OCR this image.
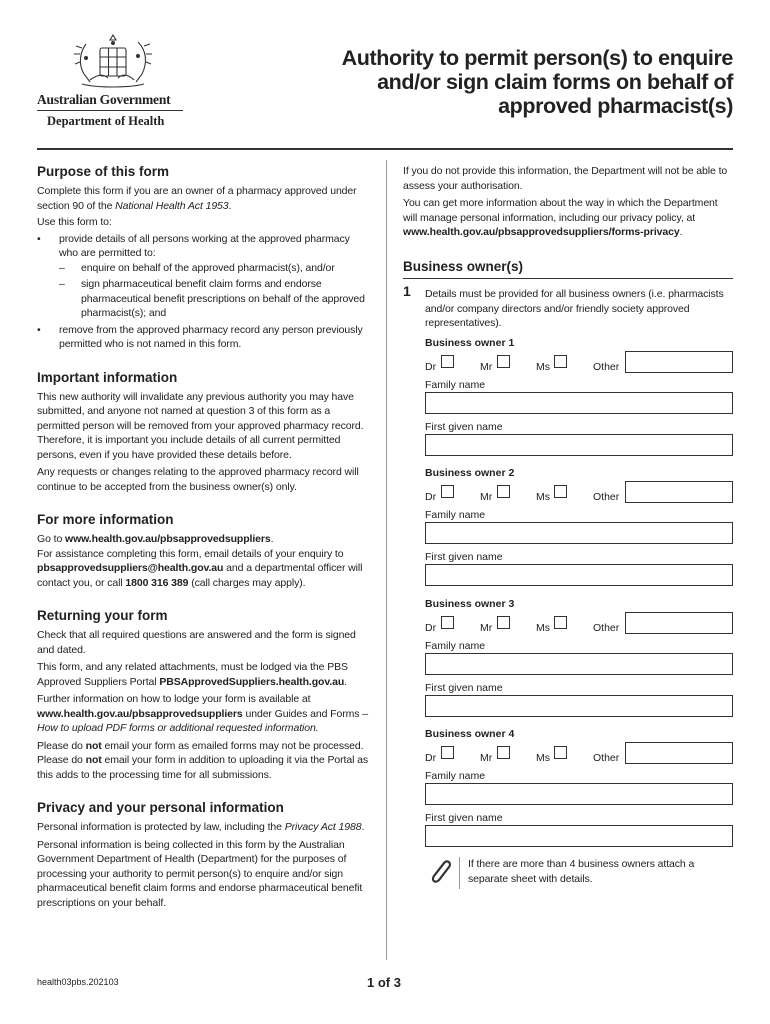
Australian Government
Department of Health
Authority to permit person(s) to enquire
and/or sign claim forms on behalf of
approved pharmacist(s)
Purpose of this form

Complete this form if you are an owner of a pharmacy approved under section 90 of the National Health Act 1953.

Use this form to:

• provide details of all persons working at the approved pharmacy who are permitted to:

– enquire on behalf of the approved pharmacist(s), and/or

– sign pharmaceutical benefit claim forms and endorse pharmaceutical benefit prescriptions on behalf of the approved pharmacist(s); and

• remove from the approved pharmacy record any person previously permitted who is not named in this form.

Important information

This new authority will invalidate any previous authority you may have submitted, and anyone not named at question 3 of this form as a permitted person will be removed from your approved pharmacy record. Therefore, it is important you include details of all current permitted persons, even if you have provided these details before.

Any requests or changes relating to the approved pharmacy record will continue to be accepted from the business owner(s) only.

For more information

Go to www.health.gov.au/pbsapprovedsuppliers.
For assistance completing this form, email details of your enquiry to pbsapprovedsuppliers@health.gov.au and a departmental officer will contact you, or call 1800 316 389 (call charges may apply).

Returning your form

Check that all required questions are answered and the form is signed and dated.

This form, and any related attachments, must be lodged via the PBS Approved Suppliers Portal PBSApprovedSuppliers.health.gov.au.

Further information on how to lodge your form is available at www.health.gov.au/pbsapprovedsuppliers under Guides and Forms – How to upload PDF forms or additional requested information.

Please do not email your form as emailed forms may not be processed. Please do not email your form in addition to uploading it via the Portal as this adds to the processing time for all submissions.

Privacy and your personal information

Personal information is protected by law, including the Privacy Act 1988.

Personal information is being collected in this form by the Australian Government Department of Health (Department) for the purposes of processing your authority to permit person(s) to enquire and/or sign pharmaceutical benefit claim forms and endorse pharmaceutical benefit prescriptions on your behalf.

If you do not provide this information, the Department will not be able to assess your authorisation.

You can get more information about the way in which the Department will manage personal information, including our privacy policy, at www.health.gov.au/pbsapprovedsuppliers/forms-privacy.

Business owner(s)
1 Details must be provided for all business owners (i.e. pharmacists and/or company directors and/or friendly society approved representatives).

Business owner 1
Dr	Mr	Ms	Other
Family name
First given name
Business owner 2
Dr	Mr	Ms	Other
Family name
First given name
Business owner 3
Dr	Mr	Ms	Other
Family name
First given name
Business owner 4
Dr	Mr	Ms	Other
Family name
First given name

If there are more than 4 business owners attach a separate sheet with details.

health03pbs.202103	1 of 3
